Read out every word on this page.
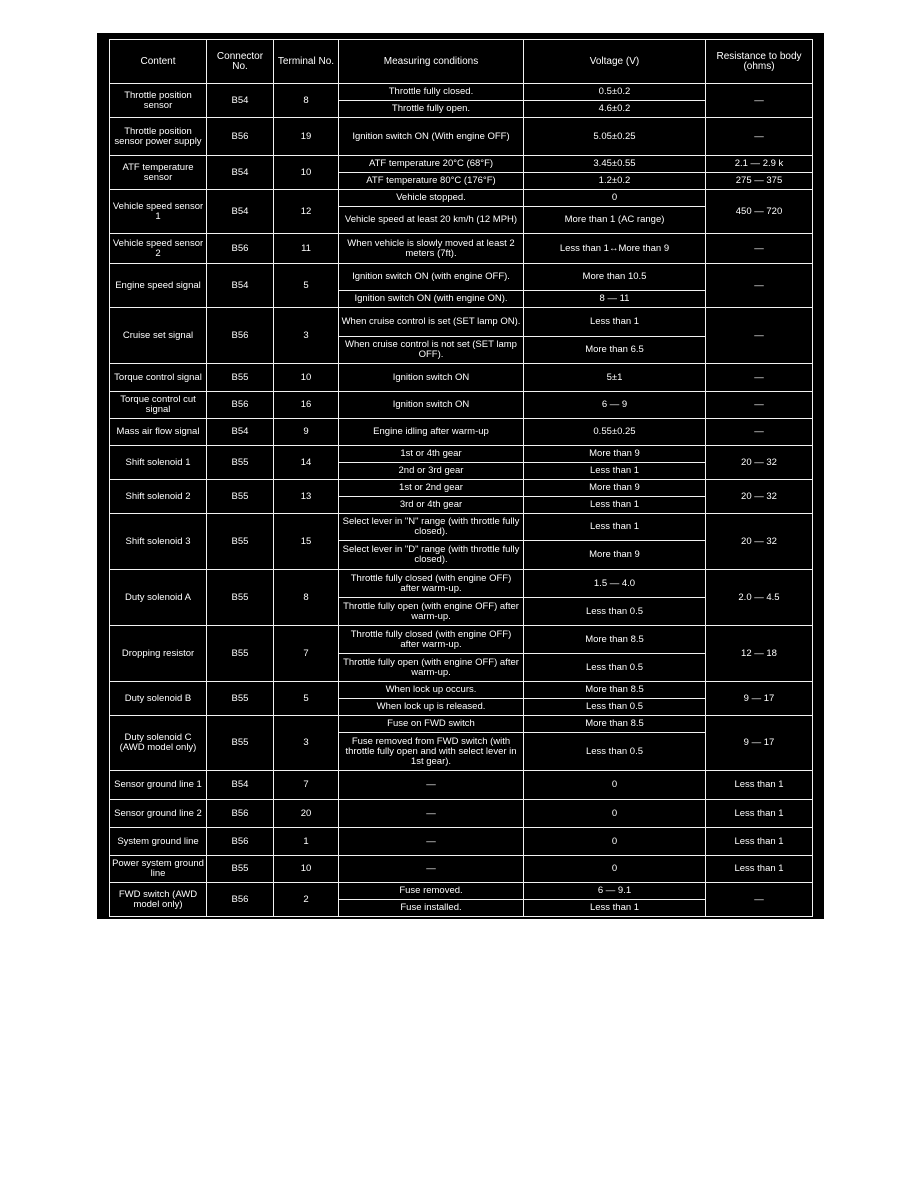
Content	Connector No.	Terminal No.	Measuring conditions	Voltage (V)	Resistance to body (ohms)
Throttle position sensor	B54	8	Throttle fully closed.	0.5±0.2	—
			Throttle fully open.	4.6±0.2	
Throttle position sensor power supply	B56	19	Ignition switch ON (With engine OFF)	5.05±0.25	—
ATF temperature sensor	B54	10	ATF temperature 20°C (68°F)	3.45±0.55	2.1 — 2.9 k
			ATF temperature 80°C (176°F)	1.2±0.2	275 — 375
Vehicle speed sensor 1	B54	12	Vehicle stopped.	0	450 — 720
			Vehicle speed at least 20 km/h (12 MPH)	More than 1 (AC range)	
Vehicle speed sensor 2	B56	11	When vehicle is slowly moved at least 2 meters (7ft).	Less than 1↔More than 9	—
Engine speed signal	B54	5	Ignition switch ON (with engine OFF).	More than 10.5	—
			Ignition switch ON (with engine ON).	8 — 11	
Cruise set signal	B56	3	When cruise control is set (SET lamp ON).	Less than 1	—
			When cruise control is not set (SET lamp OFF).	More than 6.5	
Torque control signal	B55	10	Ignition switch ON	5±1	—
Torque control cut signal	B56	16	Ignition switch ON	6 — 9	—
Mass air flow signal	B54	9	Engine idling after warm-up	0.55±0.25	—
Shift solenoid 1	B55	14	1st or 4th gear	More than 9	20 — 32
			2nd or 3rd gear	Less than 1	
Shift solenoid 2	B55	13	1st or 2nd gear	More than 9	20 — 32
			3rd or 4th gear	Less than 1	
Shift solenoid 3	B55	15	Select lever in "N" range (with throttle fully closed).	Less than 1	20 — 32
			Select lever in "D" range (with throttle fully closed).	More than 9	
Duty solenoid A	B55	8	Throttle fully closed (with engine OFF) after warm-up.	1.5 — 4.0	2.0 — 4.5
			Throttle fully open (with engine OFF) after warm-up.	Less than 0.5	
Dropping resistor	B55	7	Throttle fully closed (with engine OFF) after warm-up.	More than 8.5	12 — 18
			Throttle fully open (with engine OFF) after warm-up.	Less than 0.5	
Duty solenoid B	B55	5	When lock up occurs.	More than 8.5	9 — 17
			When lock up is released.	Less than 0.5	
Duty solenoid C (AWD model only)	B55	3	Fuse on FWD switch	More than 8.5	9 — 17
			Fuse removed from FWD switch (with throttle fully open and with select lever in 1st gear).	Less than 0.5	
Sensor ground line 1	B54	7	—	0	Less than 1
Sensor ground line 2	B56	20	—	0	Less than 1
System ground line	B56	1	—	0	Less than 1
Power system ground line	B55	10	—	0	Less than 1
FWD switch (AWD model only)	B56	2	Fuse removed.	6 — 9.1	—
			Fuse installed.	Less than 1	
